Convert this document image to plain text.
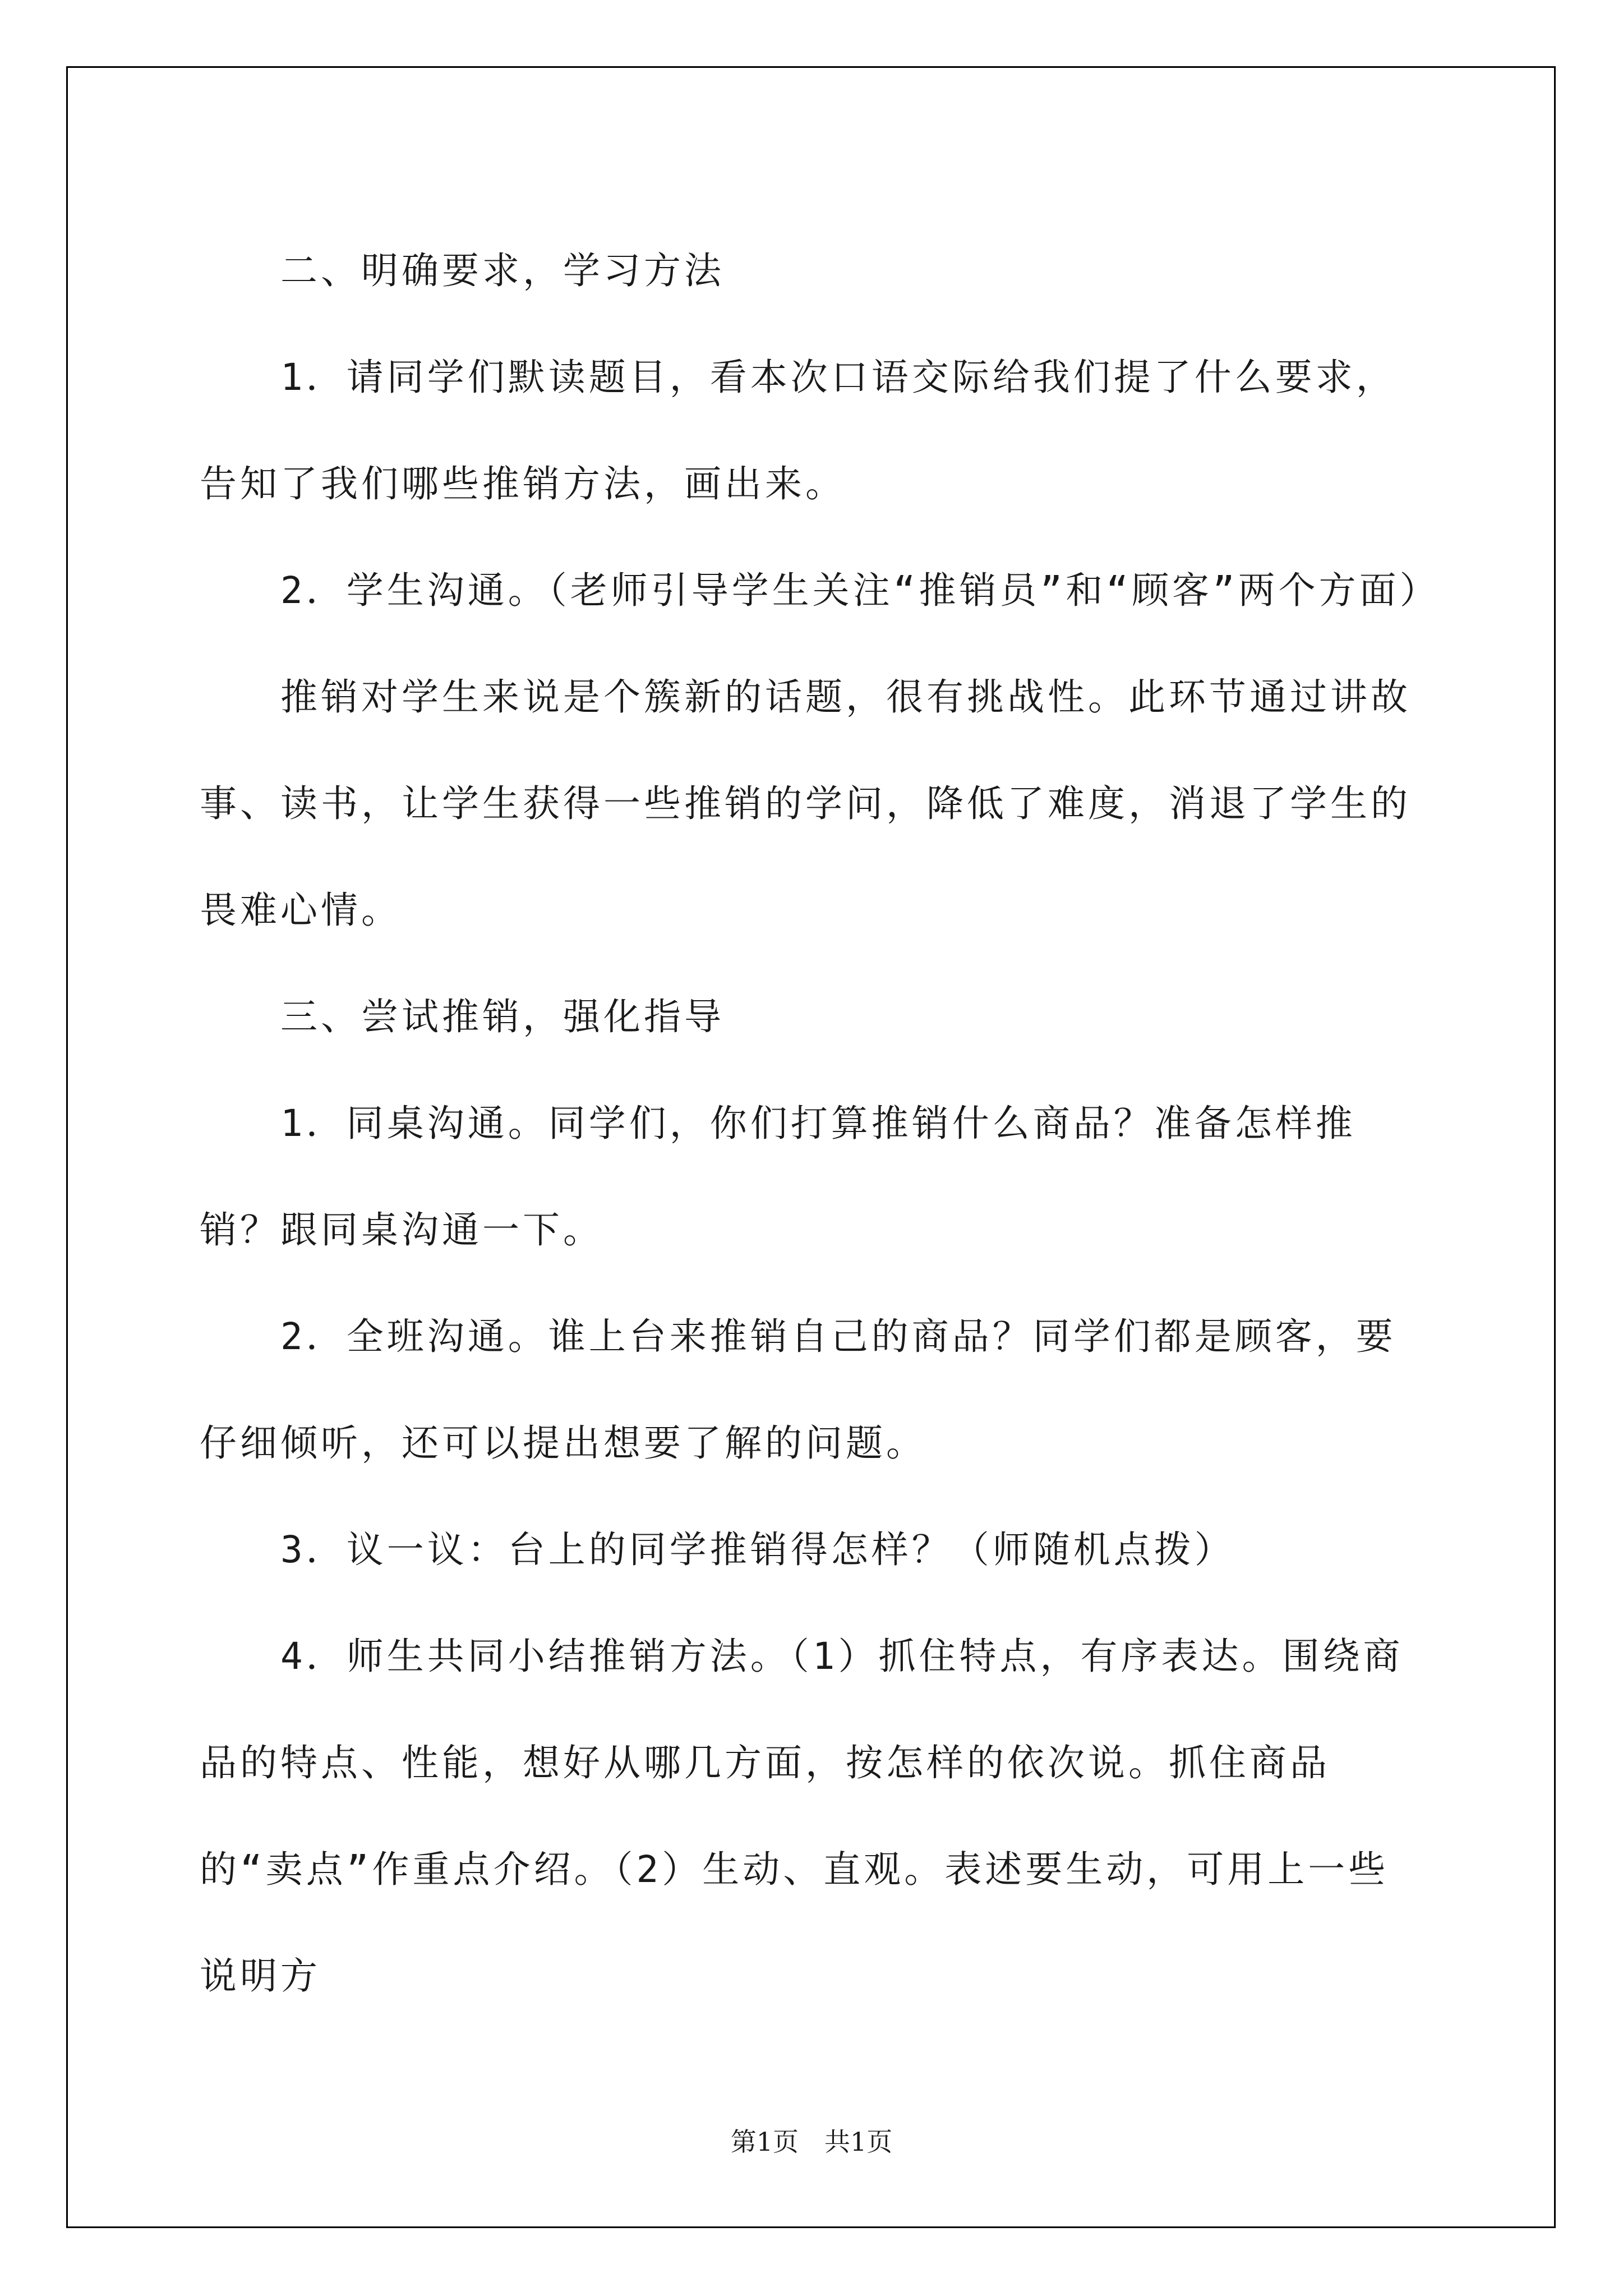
二、明确要求，学习方法

1．请同学们默读题目，看本次口语交际给我们提了什么要求，告知了我们哪些推销方法，画出来。

2．学生沟通。（老师引导学生关注“推销员”和“顾客”两个方面）

推销对学生来说是个簇新的话题，很有挑战性。此环节通过讲故事、读书，让学生获得一些推销的学问，降低了难度，消退了学生的畏难心情。

三、尝试推销，强化指导

1．同桌沟通。同学们，你们打算推销什么商品？准备怎样推销？跟同桌沟通一下。

2．全班沟通。谁上台来推销自己的商品？同学们都是顾客，要仔细倾听，还可以提出想要了解的问题。

3．议一议：台上的同学推销得怎样？（师随机点拨）

4．师生共同小结推销方法。（1）抓住特点，有序表达。围绕商品的特点、性能，想好从哪几方面，按怎样的依次说。抓住商品的“卖点”作重点介绍。（2）生动、直观。表述要生动，可用上一些说明方

第1页　共1页
